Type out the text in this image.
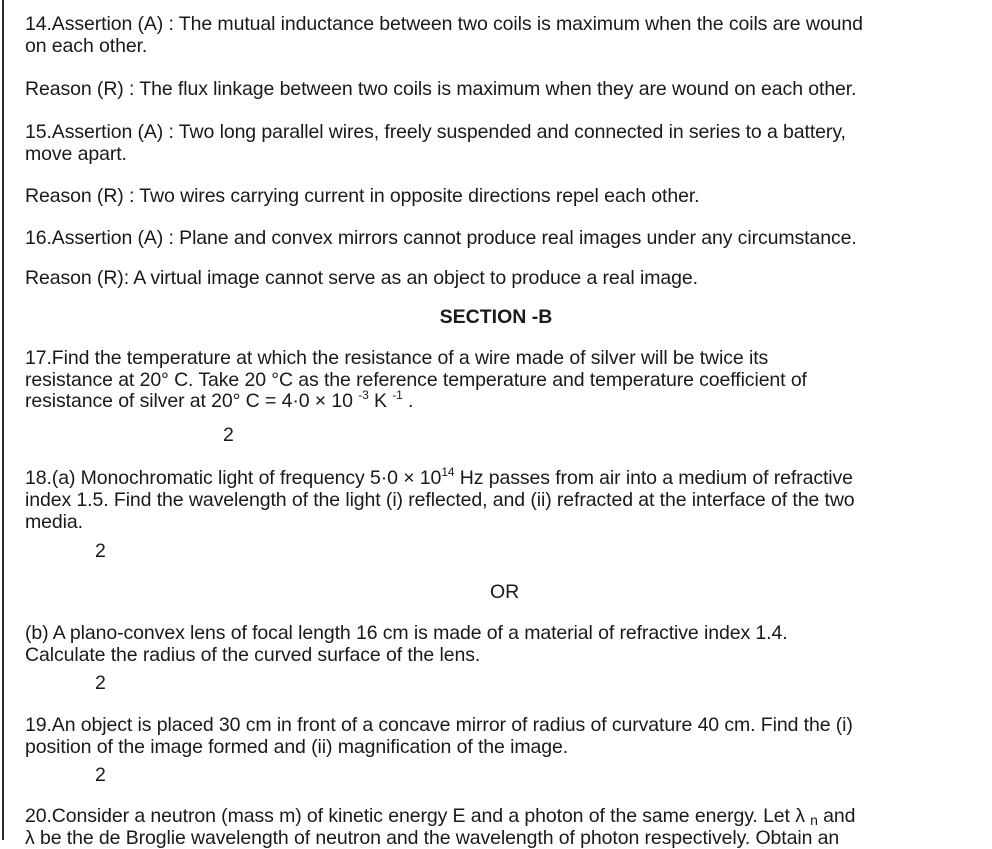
14.Assertion (A) : The mutual inductance between two coils is maximum when the coils are wound
on each other.
Reason (R) : The flux linkage between two coils is maximum when they are wound on each other.
15.Assertion (A) : Two long parallel wires, freely suspended and connected in series to a battery,
move apart.
Reason (R) : Two wires carrying current in opposite directions repel each other.
16.Assertion (A) : Plane and convex mirrors cannot produce real images under any circumstance.
Reason (R): A virtual image cannot serve as an object to produce a real image.
SECTION -B
17.Find the temperature at which the resistance of a wire made of silver will be twice its
resistance at 20° C. Take 20 °C as the reference temperature and temperature coefficient of
resistance of silver at 20° C = 4·0 × 10 $^{-3}$ K $^{-1}$ .
2
18.(a) Monochromatic light of frequency $5\cdot 0 \times 10^{14}$ Hz passes from air into a medium of refractive
index 1.5. Find the wavelength of the light (i) reflected, and (ii) refracted at the interface of the two
media.
2
OR
(b) A plano-convex lens of focal length 16 cm is made of a material of refractive index 1.4.
Calculate the radius of the curved surface of the lens.
2
19.An object is placed 30 cm in front of a concave mirror of radius of curvature 40 cm. Find the (i)
position of the image formed and (ii) magnification of the image.
2
20.Consider a neutron (mass m) of kinetic energy E and a photon of the same energy. Let λ $_n$ and
λ be the de Broglie wavelength of neutron and the wavelength of photon respectively. Obtain an
